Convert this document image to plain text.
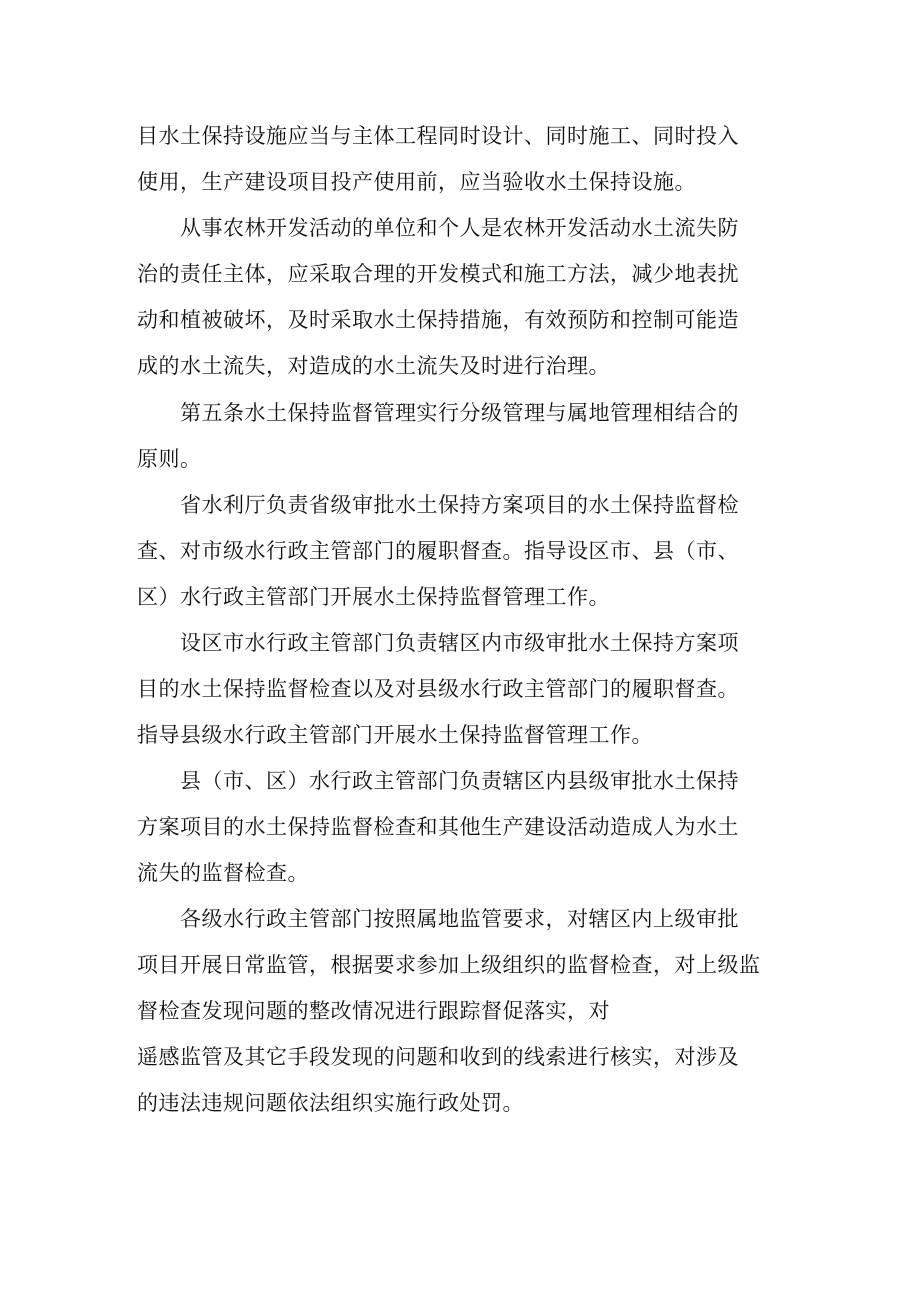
目水土保持设施应当与主体工程同时设计、同时施工、同时投入

使用，生产建设项目投产使用前，应当验收水土保持设施。

从事农林开发活动的单位和个人是农林开发活动水土流失防

治的责任主体，应采取合理的开发模式和施工方法，减少地表扰

动和植被破坏，及时采取水土保持措施，有效预防和控制可能造

成的水土流失，对造成的水土流失及时进行治理。

第五条水土保持监督管理实行分级管理与属地管理相结合的

原则。

省水利厅负责省级审批水土保持方案项目的水土保持监督检

查、对市级水行政主管部门的履职督查。指导设区市、县（市、

区）水行政主管部门开展水土保持监督管理工作。

设区市水行政主管部门负责辖区内市级审批水土保持方案项

目的水土保持监督检查以及对县级水行政主管部门的履职督查。

指导县级水行政主管部门开展水土保持监督管理工作。

县（市、区）水行政主管部门负责辖区内县级审批水土保持

方案项目的水土保持监督检查和其他生产建设活动造成人为水土

流失的监督检查。

各级水行政主管部门按照属地监管要求，对辖区内上级审批

项目开展日常监管，根据要求参加上级组织的监督检查，对上级监

督检查发现问题的整改情况进行跟踪督促落实，对

遥感监管及其它手段发现的问题和收到的线索进行核实，对涉及

的违法违规问题依法组织实施行政处罚。
